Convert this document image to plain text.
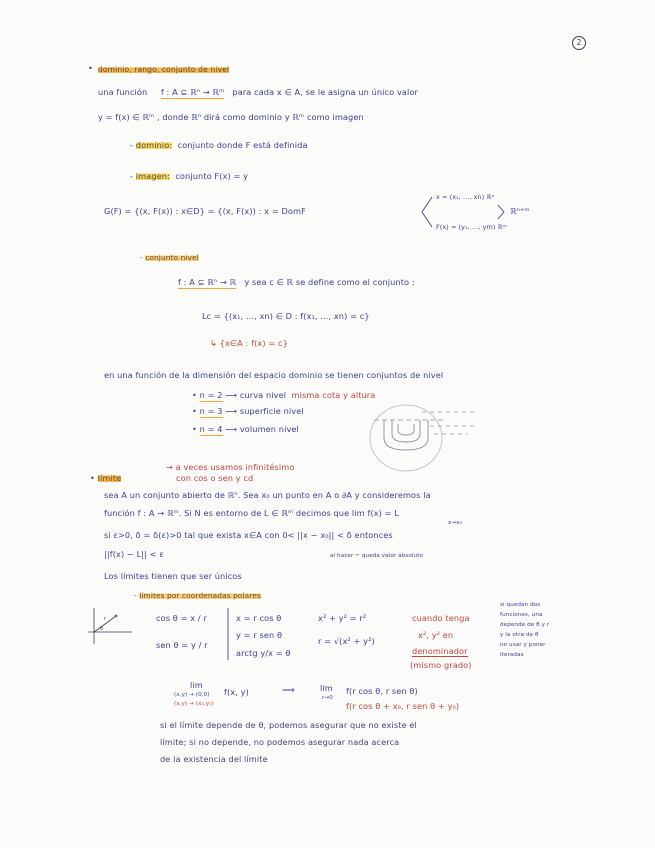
2
• dominio, rango, conjunto de nivel
una función f : A ⊆ ℝⁿ → ℝᵐ para cada x ∈ A, se le asigna un único valor
y = f(x) ∈ ℝᵐ , donde ℝⁿ dirá como dominio y ℝᵐ como imagen
- dominio: conjunto donde F está definida
- imagen: conjunto F(x) = y
G(F) = {(x, F(x)) : x∈D} = {(x, F(x)) : x = DomF
x = (x₁, ..., xn) ℝⁿ
F(x) = (y₁, ..., ym) ℝᵐ
ℝⁿ⁺ᵐ
- conjunto nivel
f : A ⊆ ℝⁿ → ℝ y sea c ∈ ℝ se define como el conjunto :
Lc = {(x₁, ..., xn) ∈ D : f(x₁, ..., xn) = c}
↳ {x∈A : f(x) = c}
en una función de la dimensión del espacio dominio se tienen conjuntos de nivel
• n = 2 ⟶ curva nivel misma cota y altura
• n = 3 ⟶ superficie nivel
• n = 4 ⟶ volumen nivel
• límite
→ a veces usamos infinitésimo
con cos o sen y cd
sea A un conjunto abierto de ℝⁿ. Sea x₀ un punto en A o ∂A y consideremos la
función f : A → ℝᵐ. Si N es entorno de L ∈ ℝᵐ decimos que lim f(x) = L
x→x₀
si ε>0, δ = δ(ε)>0 tal que exista x∈A con 0< ||x − x₀|| < δ entonces
||f(x) − L|| < ε	al hacer ⌐ queda valor absoluto
Los límites tienen que ser únicos
- límites por coordenadas polares
r
θ
cos θ = x / r
sen θ = y / r
x = r cos θ
y = r sen θ
arctg y/x = θ
x² + y² = r²
r = √(x² + y²)
cuando tenga
x², y² en
denominador
(mismo grado)
si quedan dos
funciones, una
depende de θ y r
y la otra de θ
no usar y poner
iteradas
lim
(x,y) → (0,0)
(x,y) → (x₀,y₀)
f(x, y)	⟹	lim
r→0
f(r cos θ, r sen θ)
f(r cos θ + x₀, r sen θ + y₀)
si el límite depende de θ, podemos asegurar que no existe el
límite; si no depende, no podemos asegurar nada acerca
de la existencia del límite
